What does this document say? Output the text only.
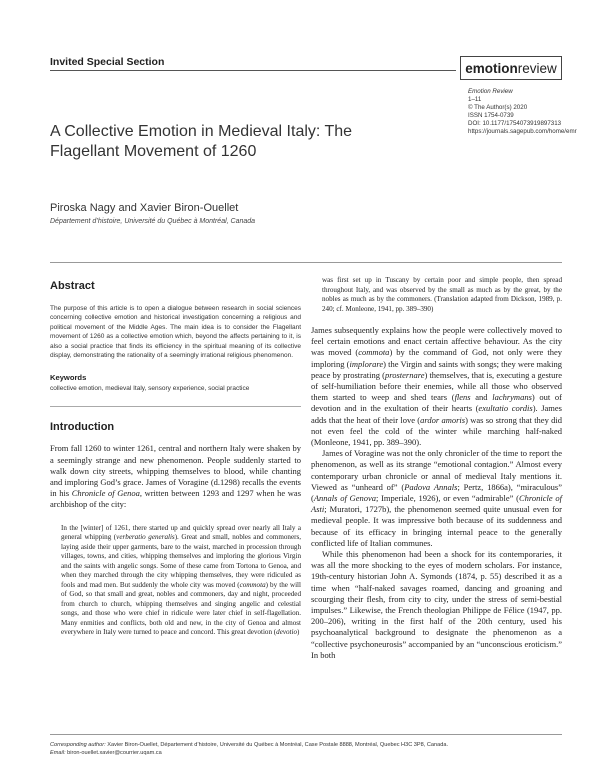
Invited Special Section	emotion review
Emotion Review
1–11
© The Author(s) 2020
ISSN 1754-0739
DOI: 10.1177/1754073919897313
https://journals.sagepub.com/home/emr
A Collective Emotion in Medieval Italy: The Flagellant Movement of 1260
Piroska Nagy and Xavier Biron-Ouellet
Département d’histoire, Université du Québec à Montréal, Canada
Abstract

The purpose of this article is to open a dialogue between research in social sciences concerning collective emotion and historical investigation concerning a religious and political movement of the Middle Ages. The main idea is to consider the Flagellant movement of 1260 as a collective emotion which, beyond the affects pertaining to it, is also a social practice that finds its efficiency in the spiritual meaning of its collective display, demonstrating the rationality of a seemingly irrational religious phenomenon.

Keywords

collective emotion, medieval Italy, sensory experience, social practice

Introduction

From fall 1260 to winter 1261, central and northern Italy were shaken by a seemingly strange and new phenomenon. People suddenly started to walk down city streets, whipping themselves to blood, while chanting and imploring God’s grace. James of Voragine (d.1298) recalls the events in his Chronicle of Genoa, written between 1293 and 1297 when he was archbishop of the city:

In the [winter] of 1261, there started up and quickly spread over nearly all Italy a general whipping (verberatio generalis). Great and small, nobles and commoners, laying aside their upper garments, bare to the waist, marched in procession through villages, towns, and cities, whipping themselves and imploring the glorious Virgin and the saints with angelic songs. Some of these came from Tortona to Genoa, and when they marched through the city whipping themselves, they were ridiculed as fools and mad men. But suddenly the whole city was moved (commota) by the will of God, so that small and great, nobles and commoners, day and night, proceeded from church to church, whipping themselves and singing angelic and celestial songs, and those who were chief in ridicule were later chief in self-flagellation. Many enmities and conflicts, both old and new, in the city of Genoa and almost everywhere in Italy were turned to peace and concord. This great devotion (devotio)

was first set up in Tuscany by certain poor and simple people, then spread throughout Italy, and was observed by the small as much as by the great, by the nobles as much as by the commoners. (Translation adapted from Dickson, 1989, p. 240; cf. Monleone, 1941, pp. 389–390)

James subsequently explains how the people were collectively moved to feel certain emotions and enact certain affective behaviour. As the city was moved (commota) by the command of God, not only were they imploring (implorare) the Virgin and saints with songs; they were making peace by prostrating (prosternare) themselves, that is, executing a gesture of self-humiliation before their enemies, while all those who observed them started to weep and shed tears (flens and lachrymans) out of devotion and in the exultation of their hearts (exultatio cordis). James adds that the heat of their love (ardor amoris) was so strong that they did not even feel the cold of the winter while marching half-naked (Monleone, 1941, pp. 389–390).

James of Voragine was not the only chronicler of the time to report the phenomenon, as well as its strange “emotional contagion.” Almost every contemporary urban chronicle or annal of medieval Italy mentions it. Viewed as “unheard of” (Padova Annals; Pertz, 1866a), “miraculous” (Annals of Genova; Imperiale, 1926), or even “admirable” (Chronicle of Asti; Muratori, 1727b), the phenomenon seemed quite unusual even for medieval people. It was impressive both because of its suddenness and because of its efficacy in bringing internal peace to the generally conflicted life of Italian communes.

While this phenomenon had been a shock for its contemporaries, it was all the more shocking to the eyes of modern scholars. For instance, 19th-century historian John A. Symonds (1874, p. 55) described it as a time when “half-naked savages roamed, dancing and groaning and scourging their flesh, from city to city, under the stress of semi-bestial impulses.” Likewise, the French theologian Philippe de Félice (1947, pp. 200–206), writing in the first half of the 20th century, used his psychoanalytical background to designate the phenomenon as a “collective psychoneurosis” accompanied by an “unconscious eroticism.” In both

Corresponding author: Xavier Biron-Ouellet, Département d’histoire, Université du Québec à Montréal, Case Postale 8888, Montréal, Quebec H3C 3P8, Canada.
Email: biron-ouellet.xavier@courrier.uqam.ca
